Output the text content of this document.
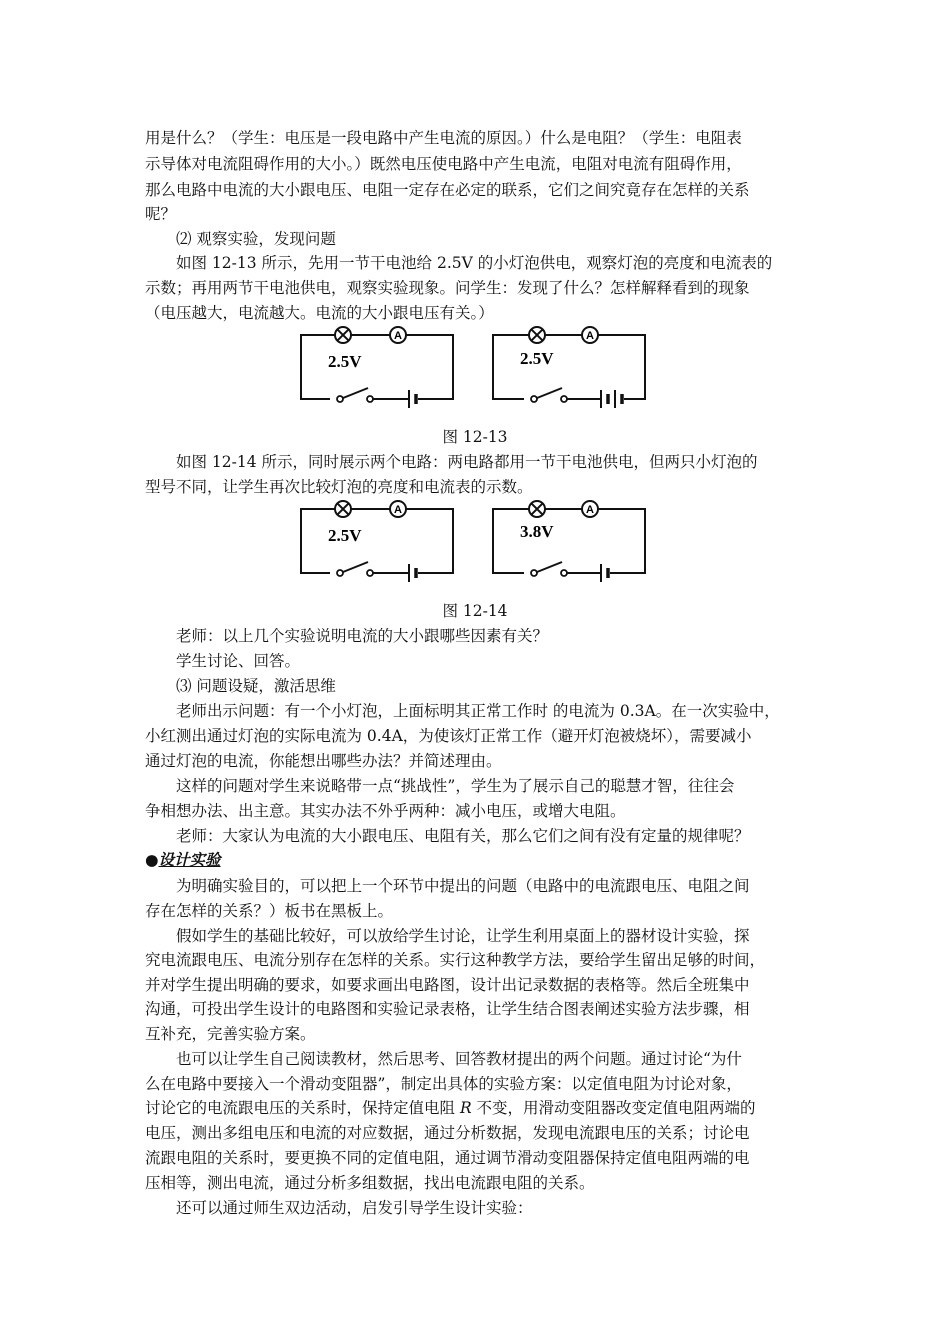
用是什么？（学生：电压是一段电路中产生电流的原因。）什么是电阻？（学生：电阻表
示导体对电流阻碍作用的大小。）既然电压使电路中产生电流，电阻对电流有阻碍作用，
那么电路中电流的大小跟电压、电阻一定存在必定的联系，它们之间究竟存在怎样的关系
呢？
⑵ 观察实验，发现问题
如图 12-13 所示，先用一节干电池给 2.5V 的小灯泡供电，观察灯泡的亮度和电流表的
示数；再用两节干电池供电，观察实验现象。问学生：发现了什么？怎样解释看到的现象
（电压越大，电流越大。电流的大小跟电压有关。）
A
2.5V
A
2.5V
图 12-13
如图 12-14 所示，同时展示两个电路：两电路都用一节干电池供电，但两只小灯泡的
型号不同，让学生再次比较灯泡的亮度和电流表的示数。
A
2.5V
A
3.8V
图 12-14
老师：以上几个实验说明电流的大小跟哪些因素有关？
学生讨论、回答。
⑶ 问题设疑，激活思维
老师出示问题：有一个小灯泡，上面标明其正常工作时 的电流为 0.3A。在一次实验中，
小红测出通过灯泡的实际电流为 0.4A，为使该灯正常工作（避开灯泡被烧坏），需要减小
通过灯泡的电流，你能想出哪些办法？并简述理由。
这样的问题对学生来说略带一点“挑战性”，学生为了展示自己的聪慧才智，往往会
争相想办法、出主意。其实办法不外乎两种：减小电压，或增大电阻。
老师：大家认为电流的大小跟电压、电阻有关，那么它们之间有没有定量的规律呢？
●设计实验
为明确实验目的，可以把上一个环节中提出的问题（电路中的电流跟电压、电阻之间
存在怎样的关系？）板书在黑板上。
假如学生的基础比较好，可以放给学生讨论，让学生利用桌面上的器材设计实验，探
究电流跟电压、电流分别存在怎样的关系。实行这种教学方法，要给学生留出足够的时间，
并对学生提出明确的要求，如要求画出电路图，设计出记录数据的表格等。然后全班集中
沟通，可投出学生设计的电路图和实验记录表格，让学生结合图表阐述实验方法步骤，相
互补充，完善实验方案。
也可以让学生自己阅读教材，然后思考、回答教材提出的两个问题。通过讨论“为什
么在电路中要接入一个滑动变阻器”，制定出具体的实验方案：以定值电阻为讨论对象，
讨论它的电流跟电压的关系时，保持定值电阻 R 不变，用滑动变阻器改变定值电阻两端的
电压，测出多组电压和电流的对应数据，通过分析数据，发现电流跟电压的关系；讨论电
流跟电阻的关系时，要更换不同的定值电阻，通过调节滑动变阻器保持定值电阻两端的电
压相等，测出电流，通过分析多组数据，找出电流跟电阻的关系。
还可以通过师生双边活动，启发引导学生设计实验：
